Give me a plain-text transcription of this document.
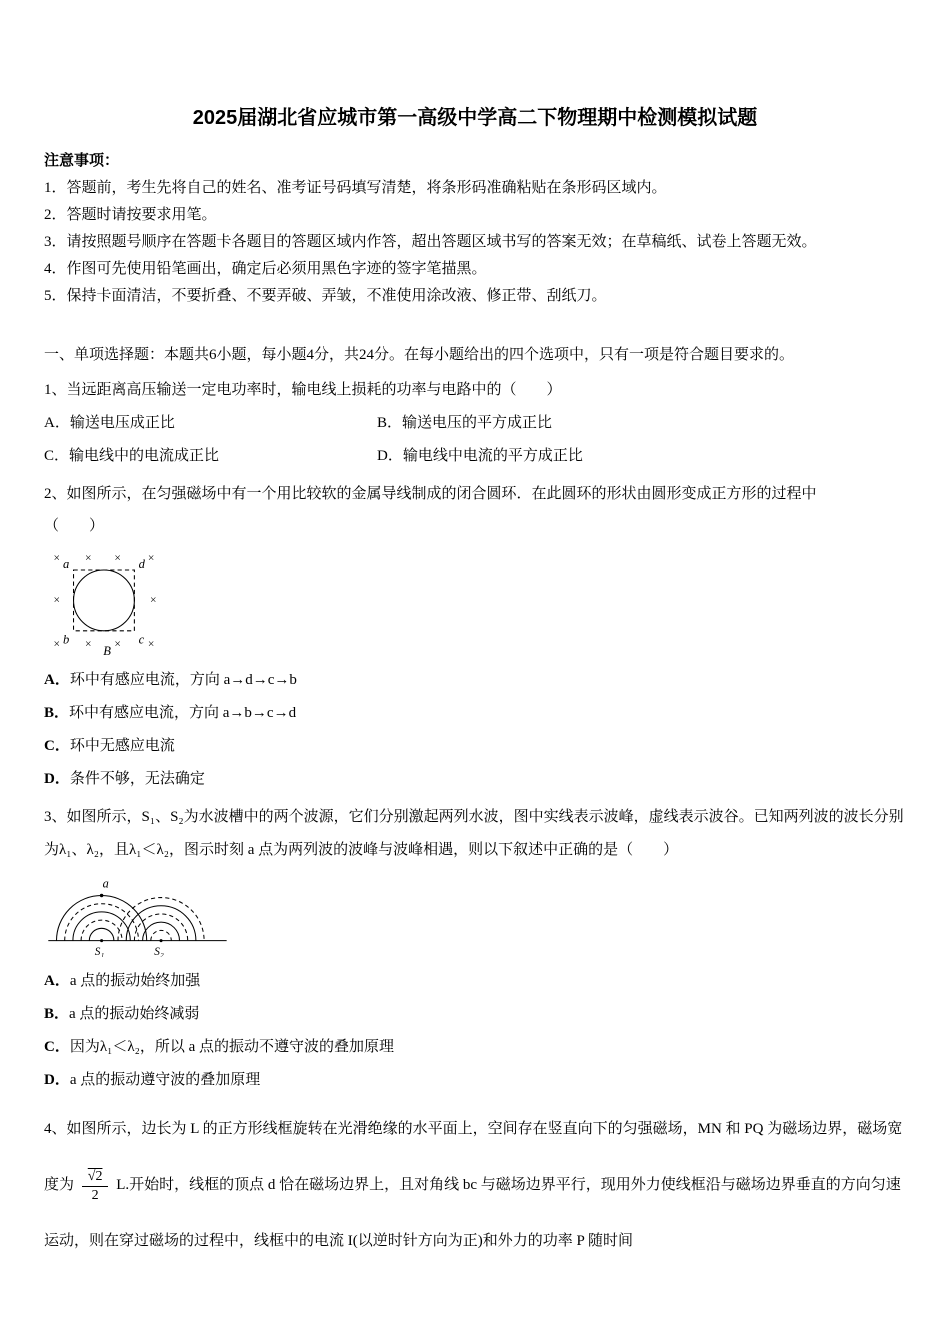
2025届湖北省应城市第一高级中学高二下物理期中检测模拟试题
注意事项：
1．答题前，考生先将自己的姓名、准考证号码填写清楚，将条形码准确粘贴在条形码区域内。
2．答题时请按要求用笔。
3．请按照题号顺序在答题卡各题目的答题区域内作答，超出答题区域书写的答案无效；在草稿纸、试卷上答题无效。
4．作图可先使用铅笔画出，确定后必须用黑色字迹的签字笔描黑。
5．保持卡面清洁，不要折叠、不要弄破、弄皱，不准使用涂改液、修正带、刮纸刀。
一、单项选择题：本题共6小题，每小题4分，共24分。在每小题给出的四个选项中，只有一项是符合题目要求的。
1、当远距离高压输送一定电功率时，输电线上损耗的功率与电路中的（　　）
A．输送电压成正比	B．输送电压的平方成正比
C．输电线中的电流成正比	D．输电线中电流的平方成正比
2、如图所示，在匀强磁场中有一个用比较软的金属导线制成的闭合圆环．在此圆环的形状由圆形变成正方形的过程中
（　　）
× × × ×
×	×
× × × ×
a	d
b	c
B
A．环中有感应电流，方向 a→d→c→b
B．环中有感应电流，方向 a→b→c→d
C．环中无感应电流
D．条件不够，无法确定
3、如图所示，S₁、S₂为水波槽中的两个波源，它们分别激起两列水波，图中实线表示波峰，虚线表示波谷。已知两列波的波长分别为λ₁、λ₂，且λ₁＜λ₂，图示时刻 a 点为两列波的波峰与波峰相遇，则以下叙述中正确的是（　　）
a
S₁	S₂
A．a 点的振动始终加强
B．a 点的振动始终减弱
C．因为λ₁＜λ₂，所以 a 点的振动不遵守波的叠加原理
D．a 点的振动遵守波的叠加原理
4、如图所示，边长为 L 的正方形线框旋转在光滑绝缘的水平面上，空间存在竖直向下的匀强磁场，MN 和 PQ 为磁场边界，磁场宽度为 $\frac{√2}{2} L$.开始时，线框的顶点 d 恰在磁场边界上，且对角线 bc 与磁场边界平行，现用外力使线框沿与磁场边界垂直的方向匀速运动，则在穿过磁场的过程中，线框中的电流 I(以逆时针方向为正)和外力的功率 P 随时间
